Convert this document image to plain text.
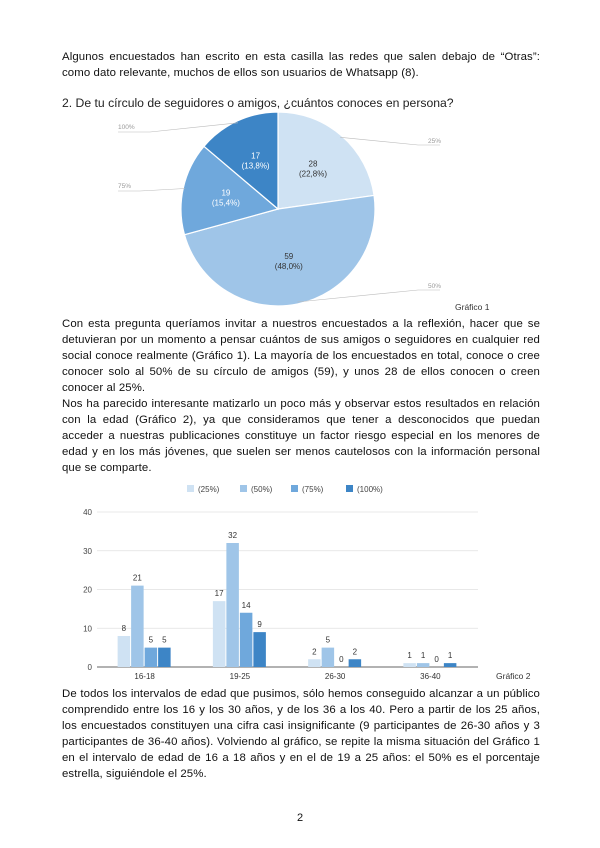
Algunos encuestados han escrito en esta casilla las redes que salen debajo de “Otras”: como dato relevante, muchos de ellos son usuarios de Whatsapp (8).
2. De tu círculo de seguidores o amigos, ¿cuántos conoces en persona?
28
(22,8%)
25%
59
(48,0%)
50%
19
(15,4%)
75%
17
(13,8%)
100%
Gráfico 1
Con esta pregunta queríamos invitar a nuestros encuestados a la reflexión, hacer que se detuvieran por un momento a pensar cuántos de sus amigos o seguidores en cualquier red social conoce realmente (Gráfico 1). La mayoría de los encuestados en total, conoce o cree conocer solo al 50% de su círculo de amigos (59), y unos 28 de ellos conocen o creen conocer al 25%.
Nos ha parecido interesante matizarlo un poco más y observar estos resultados en relación con la edad (Gráfico 2), ya que consideramos que tener a desconocidos que puedan acceder a nuestras publicaciones constituye un factor riesgo especial en los menores de edad y en los más jóvenes, que suelen ser menos cautelosos con la información personal que se comparte.
(25%)	(50%)	(75%)	(100%)
0
10
20
30
40
8
21
5 5
16-18
17
32
14
9
19-25
2
5
0
2
26-30
1 1 0 1
36-40	Gráfico 2
De todos los intervalos de edad que pusimos, sólo hemos conseguido alcanzar a un público comprendido entre los 16 y los 30 años, y de los 36 a los 40. Pero a partir de los 25 años, los encuestados constituyen una cifra casi insignificante (9 participantes de 26-30 años y 3 participantes de 36-40 años). Volviendo al gráfico, se repite la misma situación del Gráfico 1 en el intervalo de edad de 16 a 18 años y en el de 19 a 25 años: el 50% es el porcentaje estrella, siguiéndole el 25%.
2
